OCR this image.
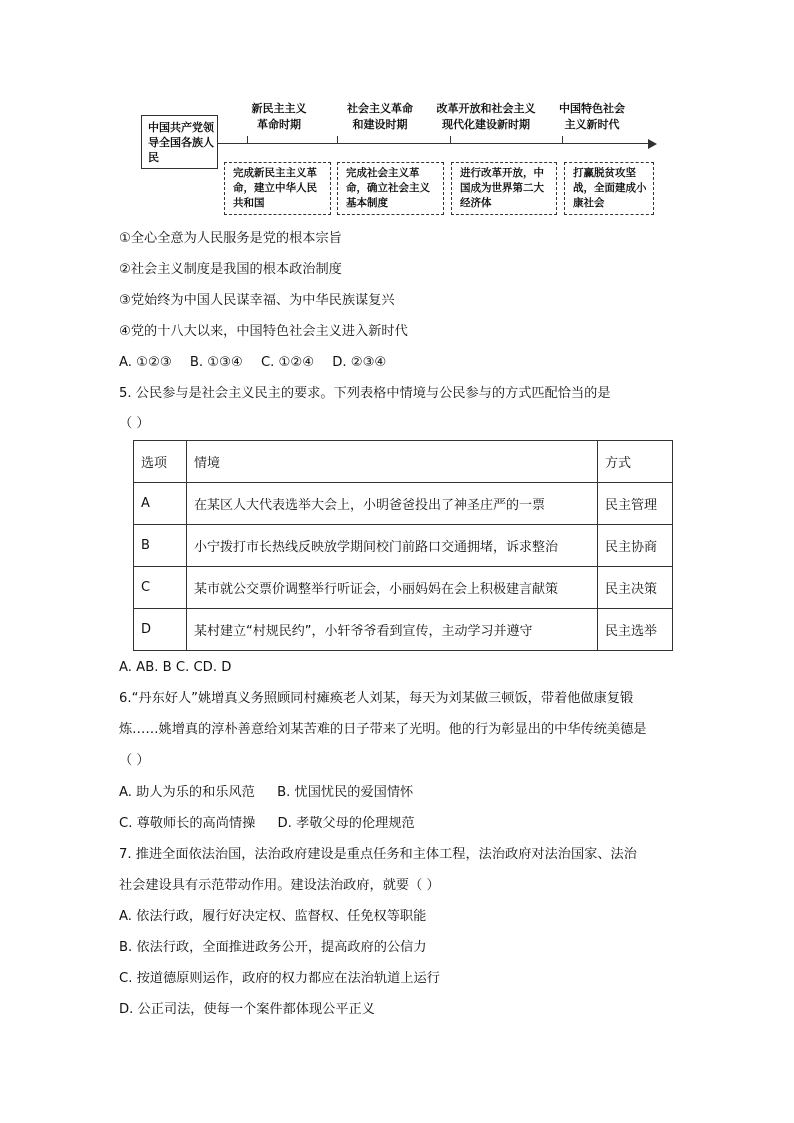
中国共产党领导全国各族人民
新民主主义
革命时期
社会主义革命
和建设时期
改革开放和社会主义
现代化建设新时期
中国特色社会
主义新时代
完成新民主主义革命，建立中华人民共和国
完成社会主义革命，确立社会主义基本制度
进行改革开放，中国成为世界第二大经济体
打赢脱贫攻坚战，全面建成小康社会
①全心全意为人民服务是党的根本宗旨
②社会主义制度是我国的根本政治制度
③党始终为中国人民谋幸福、为中华民族谋复兴
④党的十八大以来，中国特色社会主义进入新时代
A. ①②③ B. ①③④ C. ①②④ D. ②③④
5. 公民参与是社会主义民主的要求。下列表格中情境与公民参与的方式匹配恰当的是
（ ）
选项	情境	方式
A	在某区人大代表选举大会上，小明爸爸投出了神圣庄严的一票	民主管理
B	小宁拨打市长热线反映放学期间校门前路口交通拥堵，诉求整治	民主协商
C	某市就公交票价调整举行听证会，小丽妈妈在会上积极建言献策	民主决策
D	某村建立“村规民约”，小轩爷爷看到宣传，主动学习并遵守	民主选举
A. AB. B C. CD. D
6.“丹东好人”姚增真义务照顾同村瘫痪老人刘某，每天为刘某做三顿饭，带着他做康复锻
炼……姚增真的淳朴善意给刘某苦难的日子带来了光明。他的行为彰显出的中华传统美德是
（ ）
A. 助人为乐的和乐风范 B. 忧国忧民的爱国情怀
C. 尊敬师长的高尚情操 D. 孝敬父母的伦理规范
7. 推进全面依法治国，法治政府建设是重点任务和主体工程，法治政府对法治国家、法治
社会建设具有示范带动作用。建设法治政府，就要（ ）
A. 依法行政，履行好决定权、监督权、任免权等职能
B. 依法行政，全面推进政务公开，提高政府的公信力
C. 按道德原则运作，政府的权力都应在法治轨道上运行
D. 公正司法，使每一个案件都体现公平正义
